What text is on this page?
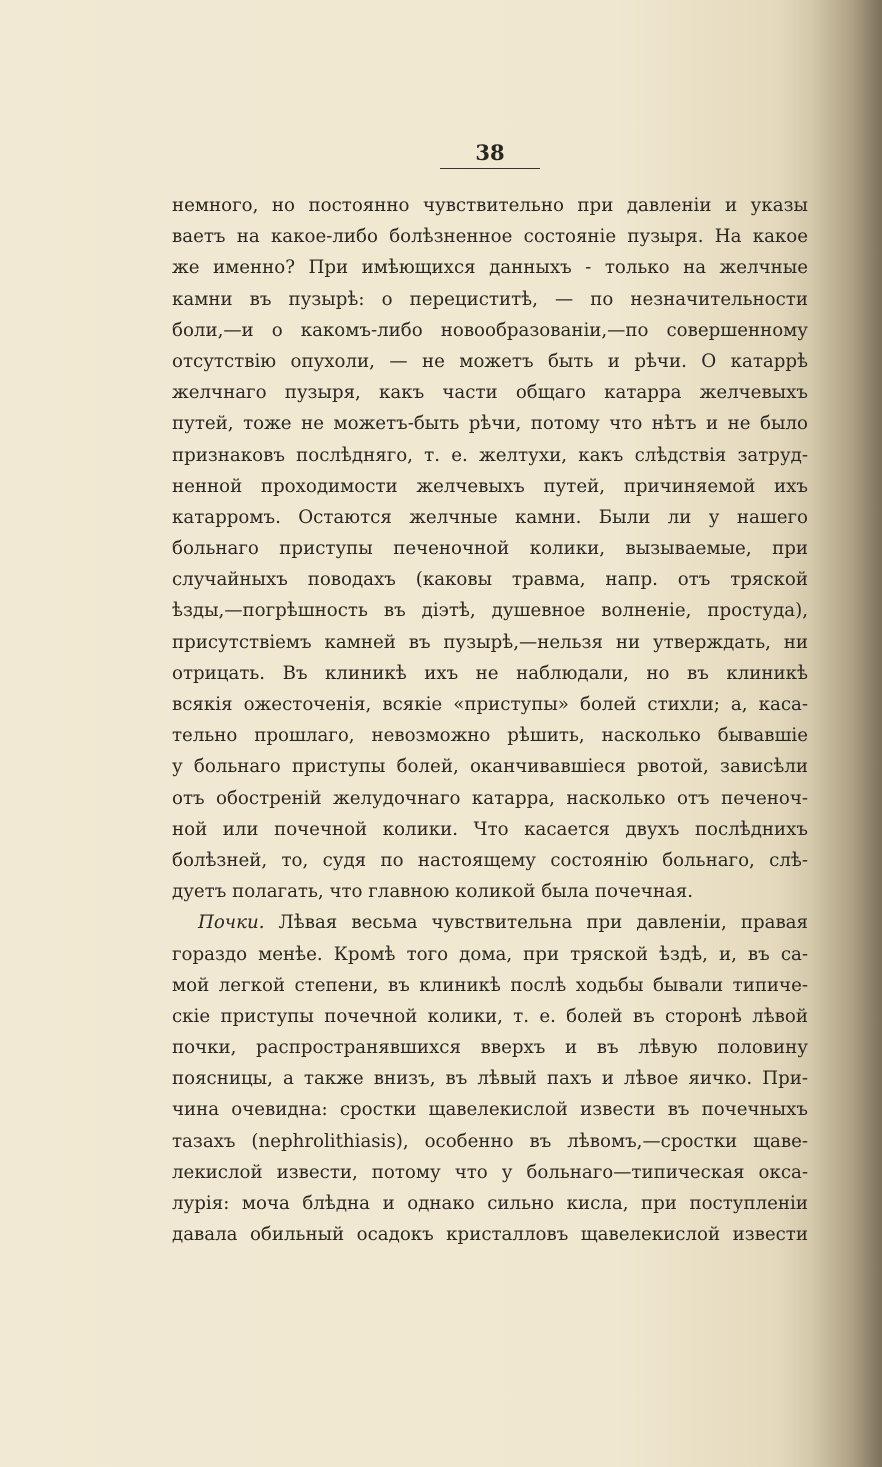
38
немного, но постоянно чувствительно при давленіи и указы
ваетъ на какое-либо болѣзненное состояніе пузыря. На какое
же именно? При имѣющихся данныхъ - только на желчные
камни въ пузырѣ: о перециститѣ, — по незначительности
боли,—и о какомъ-либо новообразованіи,—по совершенному
отсутствію опухоли, — не можетъ быть и рѣчи. О катаррѣ
желчнаго пузыря, какъ части общаго катарра желчевыхъ
путей, тоже не можетъ-быть рѣчи, потому что нѣтъ и не было
признаковъ послѣдняго, т. е. желтухи, какъ слѣдствія затруд-
ненной проходимости желчевыхъ путей, причиняемой ихъ
катарромъ. Остаются желчные камни. Были ли у нашего
больнаго приступы печеночной колики, вызываемые, при
случайныхъ поводахъ (каковы травма, напр. отъ тряской
ѣзды,—погрѣшность въ діэтѣ, душевное волненіе, простуда),
присутствіемъ камней въ пузырѣ,—нельзя ни утверждать, ни
отрицать. Въ клиникѣ ихъ не наблюдали, но въ клиникѣ
всякія ожесточенія, всякіе «приступы» болей стихли; а, каса-
тельно прошлаго, невозможно рѣшить, насколько бывавшіе
у больнаго приступы болей, оканчивавшіеся рвотой, зависѣли
отъ обостреній желудочнаго катарра, насколько отъ печеноч-
ной или почечной колики. Что касается двухъ послѣднихъ
болѣзней, то, судя по настоящему состоянію больнаго, слѣ-
дуетъ полагать, что главною коликой была почечная.
Почки. Лѣвая весьма чувствительна при давленіи, правая
гораздо менѣе. Кромѣ того дома, при тряской ѣздѣ, и, въ са-
мой легкой степени, въ клиникѣ послѣ ходьбы бывали типиче-
скіе приступы почечной колики, т. е. болей въ сторонѣ лѣвой
почки, распространявшихся вверхъ и въ лѣвую половину
поясницы, а также внизъ, въ лѣвый пахъ и лѣвое яичко. При-
чина очевидна: сростки щавелекислой извести въ почечныхъ
тазахъ (nephrolithiasis), особенно въ лѣвомъ,—сростки щаве-
лекислой извести, потому что у больнаго—типическая окса-
лурія: моча блѣдна и однако сильно кисла, при поступленіи
давала обильный осадокъ кристалловъ щавелекислой извести
